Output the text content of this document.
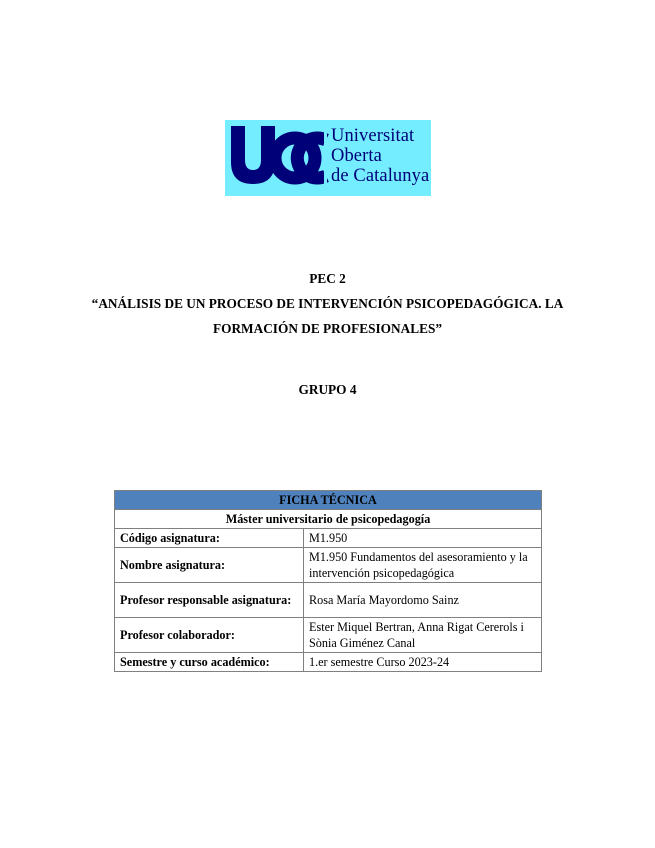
Universitat
Oberta
de Catalunya
PEC 2
“ANÁLISIS DE UN PROCESO DE INTERVENCIÓN PSICOPEDAGÓGICA. LA
FORMACIÓN DE PROFESIONALES”
GRUPO 4
FICHA TÉCNICA	
Máster universitario de psicopedagogía	
Código asignatura:	M1.950
Nombre asignatura:	M1.950 Fundamentos del asesoramiento y la intervención psicopedagógica
Profesor responsable asignatura:	Rosa María Mayordomo Sainz
Profesor colaborador:	Ester Miquel Bertran, Anna Rigat Cererols i Sònia Giménez Canal
Semestre y curso académico:	1.er semestre Curso 2023-24
